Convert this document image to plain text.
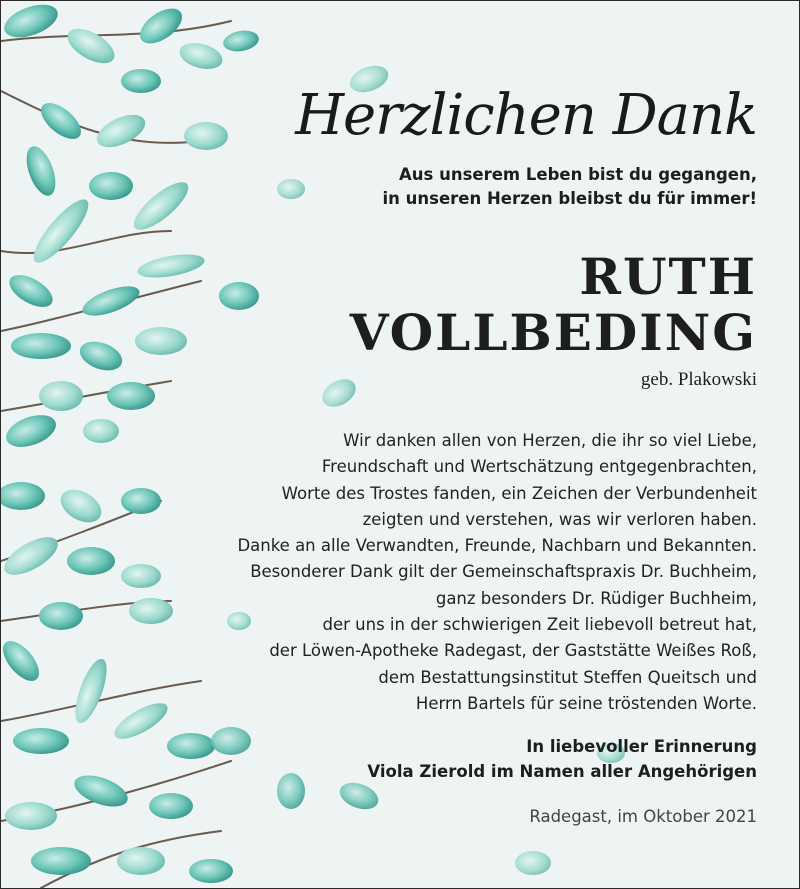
Herzlichen Dank
Aus unserem Leben bist du gegangen,
in unseren Herzen bleibst du für immer!
RUTH
VOLLBEDING
geb. Plakowski
Wir danken allen von Herzen, die ihr so viel Liebe,
Freundschaft und Wertschätzung entgegenbrachten,
Worte des Trostes fanden, ein Zeichen der Verbundenheit
zeigten und verstehen, was wir verloren haben.
Danke an alle Verwandten, Freunde, Nachbarn und Bekannten.
Besonderer Dank gilt der Gemeinschaftspraxis Dr. Buchheim,
ganz besonders Dr. Rüdiger Buchheim,
der uns in der schwierigen Zeit liebevoll betreut hat,
der Löwen-Apotheke Radegast, der Gaststätte Weißes Roß,
dem Bestattungsinstitut Steffen Queitsch und
Herrn Bartels für seine tröstenden Worte.
In liebevoller Erinnerung
Viola Zierold im Namen aller Angehörigen
Radegast, im Oktober 2021
